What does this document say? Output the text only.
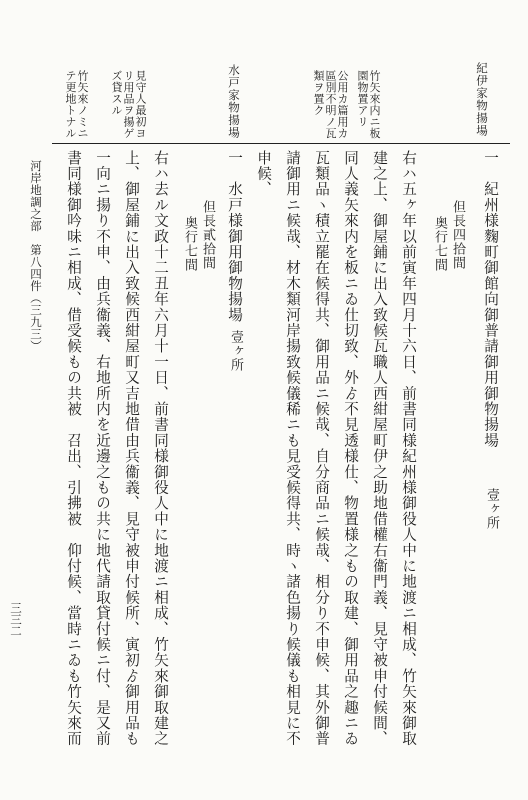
紀伊家物揚場
水戸家物揚場	竹矢來内ニ板
園物置アリ
公用カ篇用カ
區別不明ノ瓦
類ヲ置ク
見守人最初ヨ
リ用品ヲ揚ゲ
ズ貸スル
竹矢來ノミニ
テ更地トナル
一　紀州様麴町御館向御普請御用御物揚場
壹ヶ所
但長四拾間
奥行七間
右ハ五ヶ年以前寅年四月十六日、前書同様紀州様御役人中に地渡ニ相成、竹矢來御取
建之上、御屋鋪に出入致候瓦職人西紺屋町伊之助地借權右衞門義、見守被申付候間、
同人義矢來内を板ニゐ仕切致、外ゟ不見透様仕、物置様之もの取建、御用品之趣ニゐ
瓦類品ヽ積立罷在候得共、御用品ニ候哉、自分商品ニ候哉、相分り不申候、其外御普
請御用ニ候哉、材木類河岸揚致候儀稀ニも見受候得共、時ヽ諸色揚り候儀も相見に不
申候、
一　水戸様御用御物揚場
壹ヶ所
但長貳拾間
奥行七間
右ハ去ル文政十二丑年六月十一日、前書同様御役人中に地渡ニ相成、竹矢來御取建之
上、御屋鋪に出入致候西紺屋町又吉地借由兵衞義、見守被申付候所、寅初ゟ御用品も
一向ニ揚り不申、由兵衞義、右地所内を近邊之もの共に地代請取貸付候ニ付、是又前
書同様御吟味ニ相成、借受候もの共被　召出、引拂被　仰付候、當時ニゐも竹矢來而
河岸地調之部　第八四件（三九三）
三三二
